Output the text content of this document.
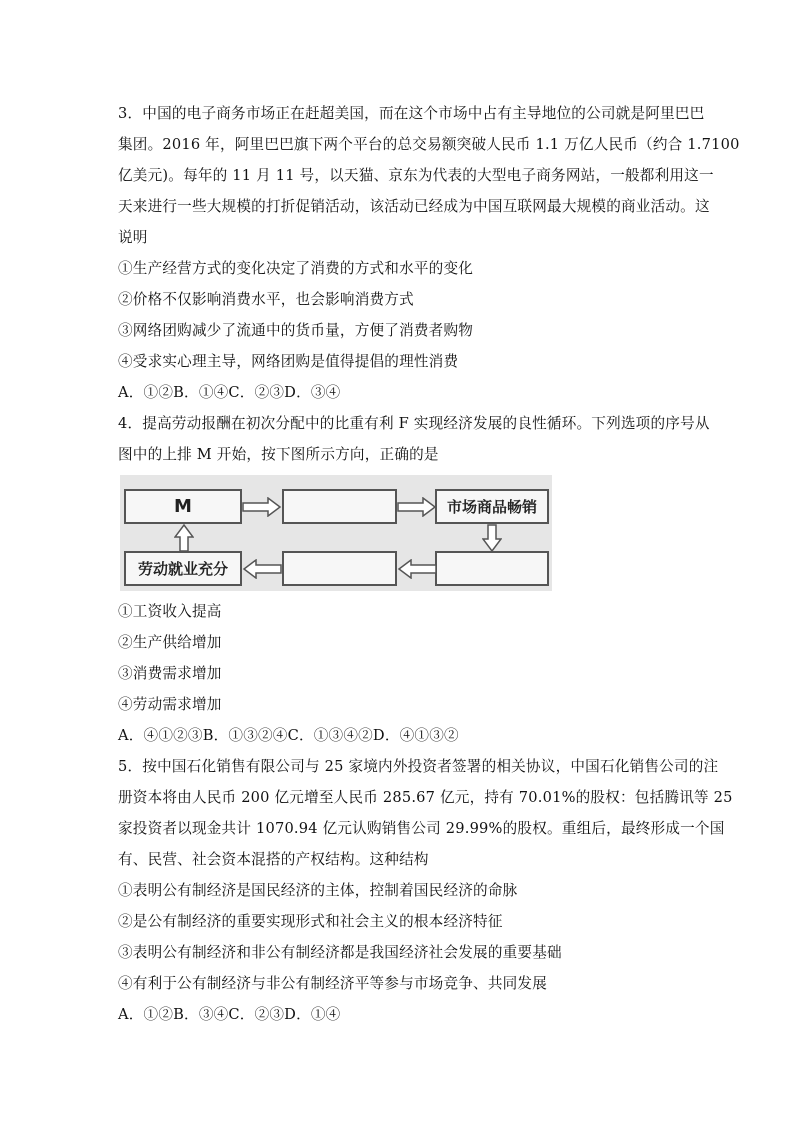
3．中国的电子商务市场正在赶超美国，而在这个市场中占有主导地位的公司就是阿里巴巴
集团。2016 年，阿里巴巴旗下两个平台的总交易额突破人民币 1.1 万亿人民币（约合 1.7100
亿美元)。每年的 11 月 11 号，以天猫、京东为代表的大型电子商务网站，一般都利用这一
天来进行一些大规模的打折促销活动，该活动已经成为中国互联网最大规模的商业活动。这
说明
①生产经营方式的变化决定了消费的方式和水平的变化
②价格不仅影响消费水平，也会影响消费方式
③网络团购减少了流通中的货币量，方便了消费者购物
④受求实心理主导，网络团购是值得提倡的理性消费
A．①②B．①④C．②③D．③④
4．提高劳动报酬在初次分配中的比重有利 F 实现经济发展的良性循环。下列选项的序号从
图中的上排 M 开始，按下图所示方向，正确的是
M	市场商品畅销
劳动就业充分
①工资收入提高
②生产供给增加
③消费需求增加
④劳动需求增加
A．④①②③B．①③②④C．①③④②D．④①③②
5．按中国石化销售有限公司与 25 家境内外投资者签署的相关协议，中国石化销售公司的注
册资本将由人民币 200 亿元增至人民币 285.67 亿元，持有 70.01%的股权：包括腾讯等 25
家投资者以现金共计 1070.94 亿元认购销售公司 29.99%的股权。重组后，最终形成一个国
有、民营、社会资本混搭的产权结构。这种结构
①表明公有制经济是国民经济的主体，控制着国民经济的命脉
②是公有制经济的重要实现形式和社会主义的根本经济特征
③表明公有制经济和非公有制经济都是我国经济社会发展的重要基础
④有利于公有制经济与非公有制经济平等参与市场竞争、共同发展
A．①②B．③④C．②③D．①④
